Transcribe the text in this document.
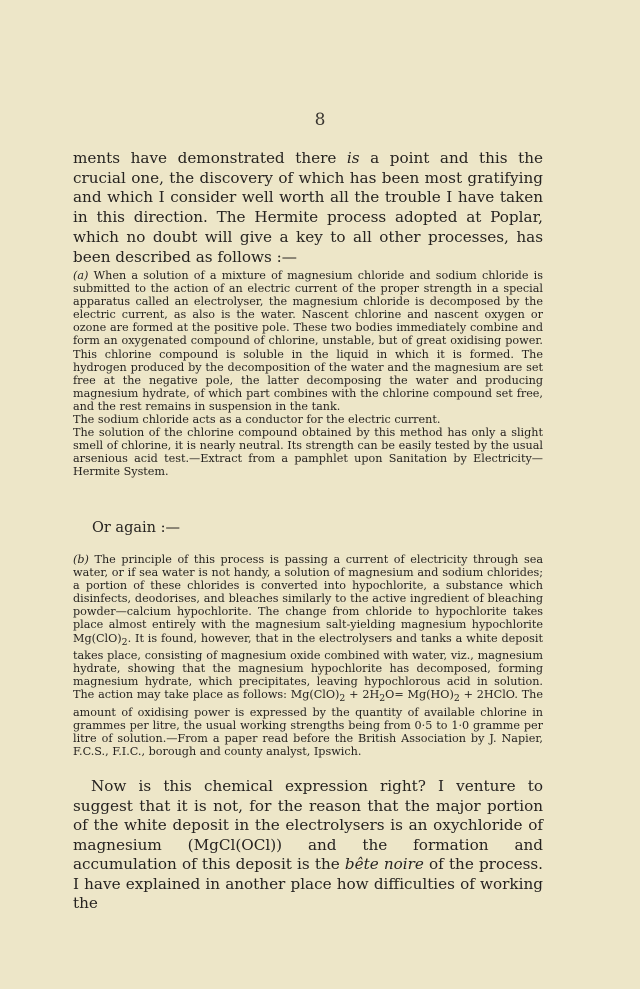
8

ments have demonstrated there is a point and this the crucial one, the discovery of which has been most gratifying and which I consider well worth all the trouble I have taken in this direction. The Hermite process adopted at Poplar, which no doubt will give a key to all other processes, has been described as follows :—

(a) When a solution of a mixture of magnesium chloride and sodium chloride is submitted to the action of an electric current of the proper strength in a special apparatus called an electrolyser, the magnesium chloride is decomposed by the electric current, as also is the water. Nascent chlorine and nascent oxygen or ozone are formed at the positive pole. These two bodies immediately combine and form an oxygenated compound of chlorine, unstable, but of great oxidising power. This chlorine compound is soluble in the liquid in which it is formed. The hydrogen produced by the decomposition of the water and the magnesium are set free at the negative pole, the latter decomposing the water and producing magnesium hydrate, of which part combines with the chlorine compound set free, and the rest remains in suspension in the tank.

The sodium chloride acts as a conductor for the electric current.

The solution of the chlorine compound obtained by this method has only a slight smell of chlorine, it is nearly neutral. Its strength can be easily tested by the usual arsenious acid test.—Extract from a pamphlet upon Sanitation by Electricity—Hermite System.

Or again :—

(b) The principle of this process is passing a current of electricity through sea water, or if sea water is not handy, a solution of magnesium and sodium chlorides; a portion of these chlorides is converted into hypochlorite, a substance which disinfects, deodorises, and bleaches similarly to the active ingredient of bleaching powder—calcium hypochlorite. The change from chloride to hypochlorite takes place almost entirely with the magnesium salt-yielding magnesium hypochlorite $Mg(ClO)_2$. It is found, however, that in the electrolysers and tanks a white deposit takes place, consisting of magnesium oxide combined with water, viz., magnesium hydrate, showing that the magnesium hypochlorite has decomposed, forming magnesium hydrate, which precipitates, leaving hypochlorous acid in solution. The action may take place as follows: $Mg(ClO)_2 + 2H_2O= Mg(HO)_2$ + 2HClO. The amount of oxidising power is expressed by the quantity of available chlorine in grammes per litre, the usual working strengths being from 0·5 to 1·0 gramme per litre of solution.—From a paper read before the British Association by J. Napier, F.C.S., F.I.C., borough and county analyst, Ipswich.

Now is this chemical expression right? I venture to suggest that it is not, for the reason that the major portion of the white deposit in the electrolysers is an oxychloride of magnesium (MgCl(OCl)) and the formation and accumulation of this deposit is the bête noire of the process. I have explained in another place how difficulties of working the
